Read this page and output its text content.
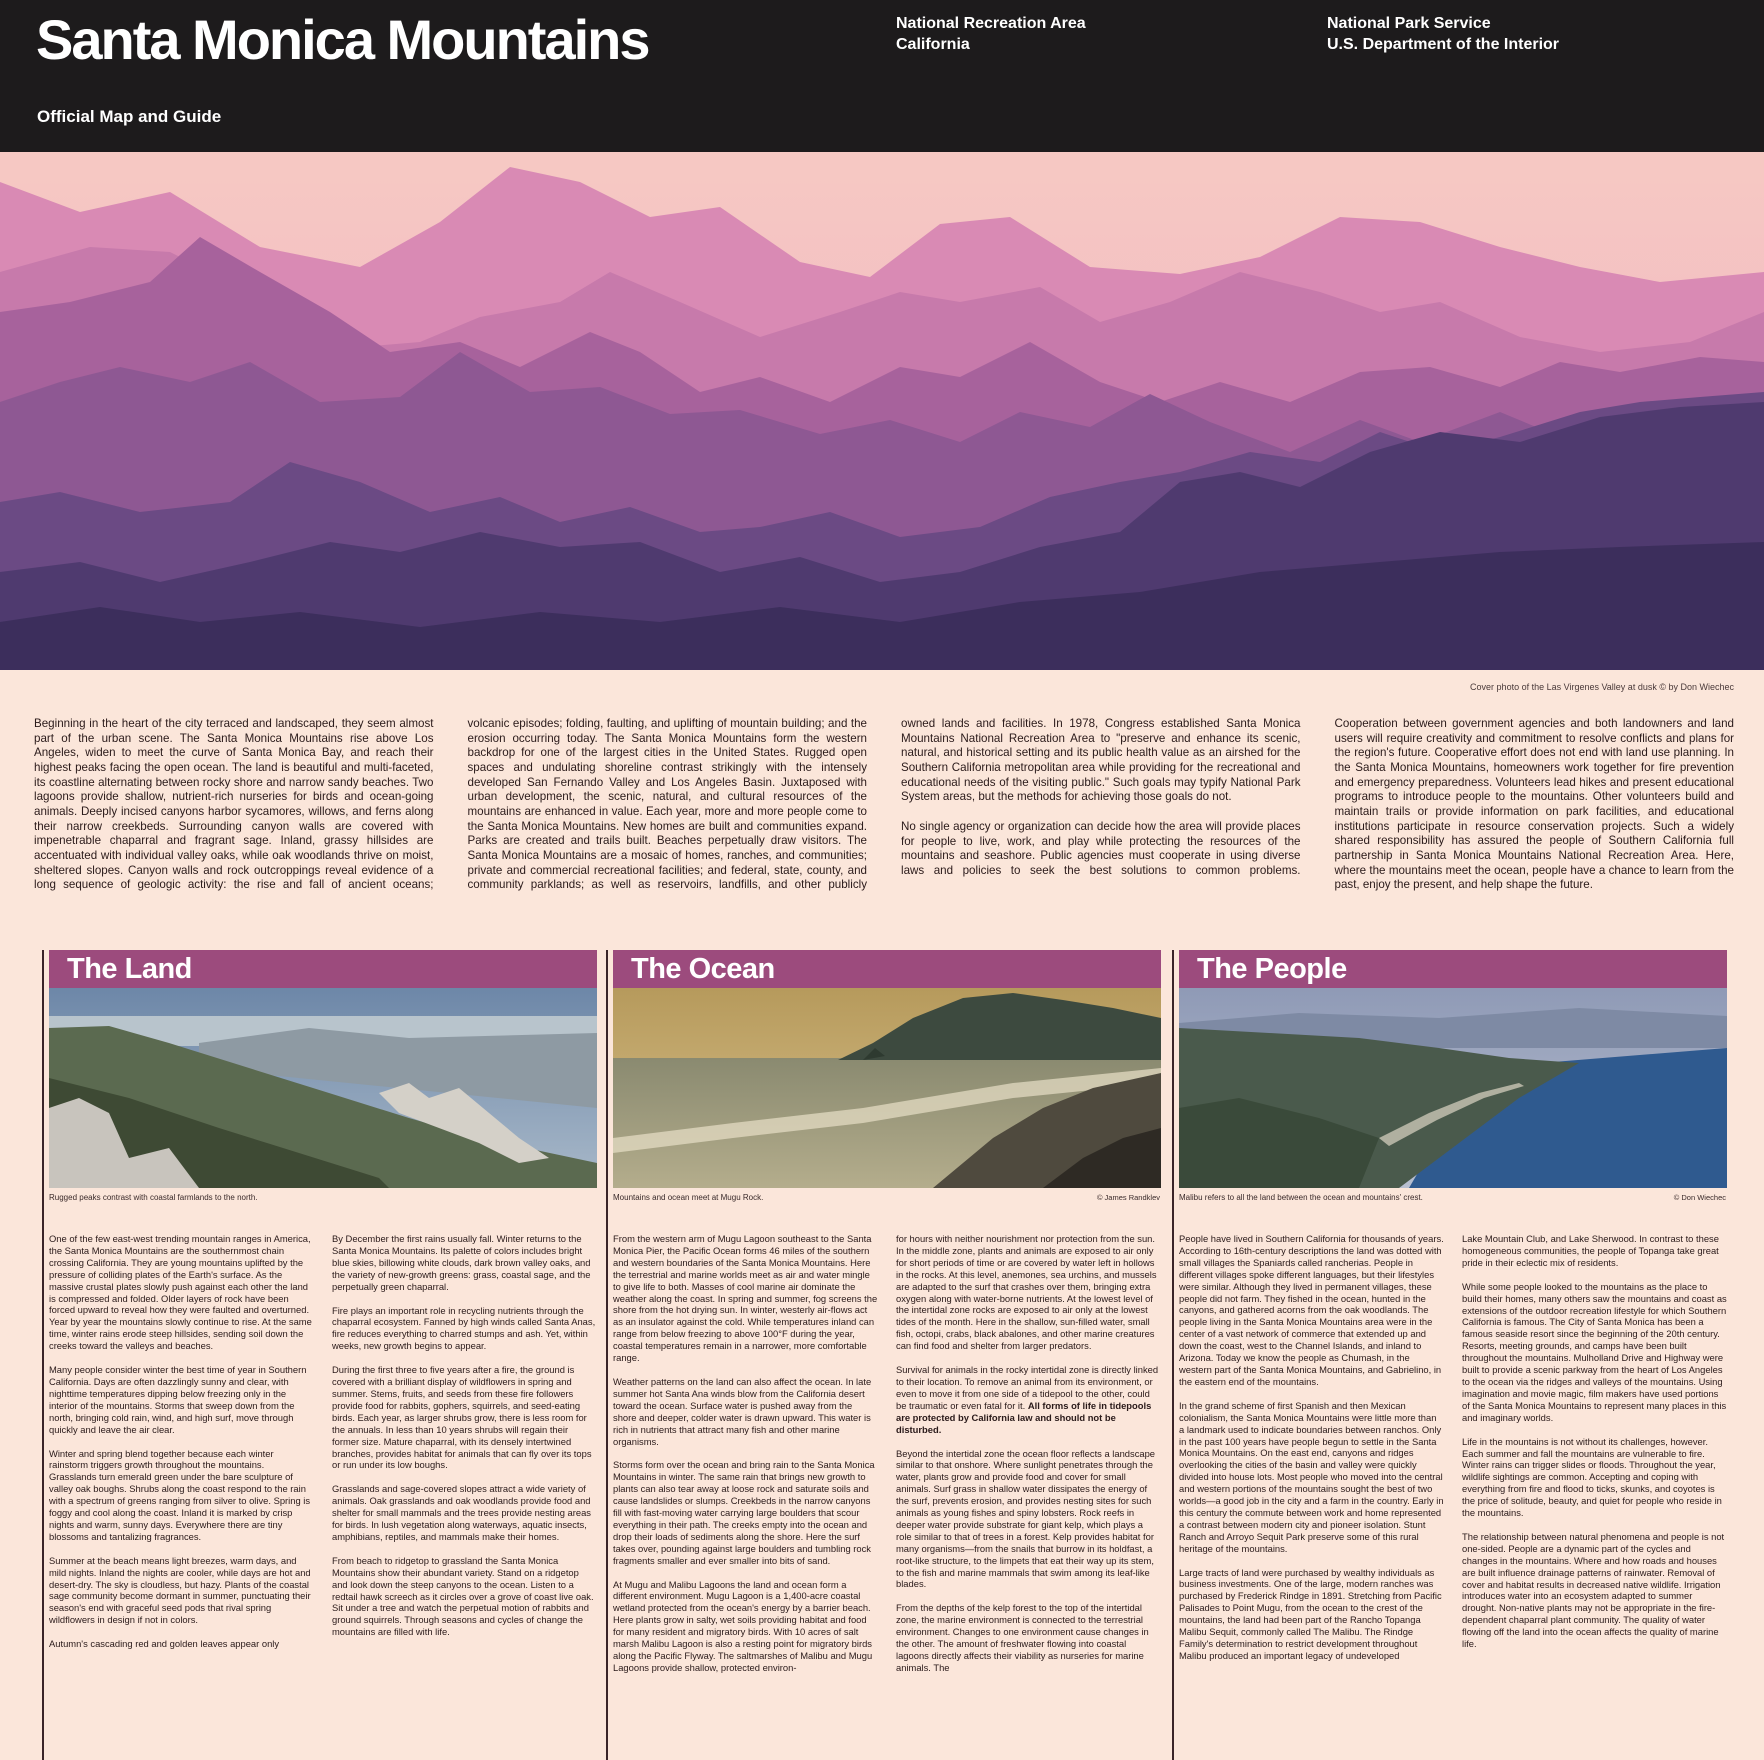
Santa Monica Mountains

Official Map and Guide

National Recreation Area
California
National Park Service
U.S. Department of the Interior
Cover photo of the Las Virgenes Valley at dusk © by Don Wiechec

Beginning in the heart of the city terraced and landscaped, they seem almost part of the urban scene. The Santa Monica Mountains rise above Los Angeles, widen to meet the curve of Santa Monica Bay, and reach their highest peaks facing the open ocean. The land is beautiful and multi-faceted, its coastline alternating between rocky shore and narrow sandy beaches. Two lagoons provide shallow, nutrient-rich nurseries for birds and ocean-going animals. Deeply incised canyons harbor sycamores, willows, and ferns along their narrow creekbeds. Surrounding canyon walls are covered with impenetrable chaparral and fragrant sage. Inland, grassy hillsides are accentuated with individual valley oaks, while oak woodlands thrive on moist, sheltered slopes. Canyon walls and rock outcroppings reveal evidence of a long sequence of geologic activity: the rise and fall of ancient oceans; volcanic episodes; folding, faulting, and uplifting of mountain building; and the erosion occurring today. The Santa Monica Mountains form the western backdrop for one of the largest cities in the United States. Rugged open spaces and undulating shoreline contrast strikingly with the intensely developed San Fernando Valley and Los Angeles Basin. Juxtaposed with urban development, the scenic, natural, and cultural resources of the mountains are enhanced in value. Each year, more and more people come to the Santa Monica Mountains. New homes are built and communities expand. Parks are created and trails built. Beaches perpetually draw visitors. The Santa Monica Mountains are a mosaic of homes, ranches, and communities; private and commercial recreational facilities; and federal, state, county, and community parklands; as well as reservoirs, landfills, and other publicly owned lands and facilities. In 1978, Congress established Santa Monica Mountains National Recreation Area to "preserve and enhance its scenic, natural, and historical setting and its public health value as an airshed for the Southern California metropolitan area while providing for the recreational and educational needs of the visiting public." Such goals may typify National Park System areas, but the methods for achieving those goals do not.

No single agency or organization can decide how the area will provide places for people to live, work, and play while protecting the resources of the mountains and seashore. Public agencies must cooperate in using diverse laws and policies to seek the best solutions to common problems. Cooperation between government agencies and both landowners and land users will require creativity and commitment to resolve conflicts and plans for the region's future. Cooperative effort does not end with land use planning. In the Santa Monica Mountains, homeowners work together for fire prevention and emergency preparedness. Volunteers lead hikes and present educational programs to introduce people to the mountains. Other volunteers build and maintain trails or provide information on park facilities, and educational institutions participate in resource conservation projects. Such a widely shared responsibility has assured the people of Southern California full partnership in Santa Monica Mountains National Recreation Area. Here, where the mountains meet the ocean, people have a chance to learn from the past, enjoy the present, and help shape the future.

The Land
Rugged peaks contrast with coastal farmlands to the north.

One of the few east-west trending mountain ranges in America, the Santa Monica Mountains are the southernmost chain crossing California. They are young mountains uplifted by the pressure of colliding plates of the Earth's surface. As the massive crustal plates slowly push against each other the land is compressed and folded. Older layers of rock have been forced upward to reveal how they were faulted and overturned. Year by year the mountains slowly continue to rise. At the same time, winter rains erode steep hillsides, sending soil down the creeks toward the valleys and beaches.

Many people consider winter the best time of year in Southern California. Days are often dazzlingly sunny and clear, with nighttime temperatures dipping below freezing only in the interior of the mountains. Storms that sweep down from the north, bringing cold rain, wind, and high surf, move through quickly and leave the air clear.

Winter and spring blend together because each winter rainstorm triggers growth throughout the mountains. Grasslands turn emerald green under the bare sculpture of valley oak boughs. Shrubs along the coast respond to the rain with a spectrum of greens ranging from silver to olive. Spring is foggy and cool along the coast. Inland it is marked by crisp nights and warm, sunny days. Everywhere there are tiny blossoms and tantalizing fragrances.

Summer at the beach means light breezes, warm days, and mild nights. Inland the nights are cooler, while days are hot and desert-dry. The sky is cloudless, but hazy. Plants of the coastal sage community become dormant in summer, punctuating their season's end with graceful seed pods that rival spring wildflowers in design if not in colors.

Autumn's cascading red and golden leaves appear only

By December the first rains usually fall. Winter returns to the Santa Monica Mountains. Its palette of colors includes bright blue skies, billowing white clouds, dark brown valley oaks, and the variety of new-growth greens: grass, coastal sage, and the perpetually green chaparral.

Fire plays an important role in recycling nutrients through the chaparral ecosystem. Fanned by high winds called Santa Anas, fire reduces everything to charred stumps and ash. Yet, within weeks, new growth begins to appear.

During the first three to five years after a fire, the ground is covered with a brilliant display of wildflowers in spring and summer. Stems, fruits, and seeds from these fire followers provide food for rabbits, gophers, squirrels, and seed-eating birds. Each year, as larger shrubs grow, there is less room for the annuals. In less than 10 years shrubs will regain their former size. Mature chaparral, with its densely intertwined branches, provides habitat for animals that can fly over its tops or run under its low boughs.

Grasslands and sage-covered slopes attract a wide variety of animals. Oak grasslands and oak woodlands provide food and shelter for small mammals and the trees provide nesting areas for birds. In lush vegetation along waterways, aquatic insects, amphibians, reptiles, and mammals make their homes.

From beach to ridgetop to grassland the Santa Monica Mountains show their abundant variety. Stand on a ridgetop and look down the steep canyons to the ocean. Listen to a redtail hawk screech as it circles over a grove of coast live oak. Sit under a tree and watch the perpetual motion of rabbits and ground squirrels. Through seasons and cycles of change the mountains are filled with life.

The Ocean
Mountains and ocean meet at Mugu Rock.	© James Randklev

From the western arm of Mugu Lagoon southeast to the Santa Monica Pier, the Pacific Ocean forms 46 miles of the southern and western boundaries of the Santa Monica Mountains. Here the terrestrial and marine worlds meet as air and water mingle to give life to both. Masses of cool marine air dominate the weather along the coast. In spring and summer, fog screens the shore from the hot drying sun. In winter, westerly air-flows act as an insulator against the cold. While temperatures inland can range from below freezing to above 100°F during the year, coastal temperatures remain in a narrower, more comfortable range.

Weather patterns on the land can also affect the ocean. In late summer hot Santa Ana winds blow from the California desert toward the ocean. Surface water is pushed away from the shore and deeper, colder water is drawn upward. This water is rich in nutrients that attract many fish and other marine organisms.

Storms form over the ocean and bring rain to the Santa Monica Mountains in winter. The same rain that brings new growth to plants can also tear away at loose rock and saturate soils and cause landslides or slumps. Creekbeds in the narrow canyons fill with fast-moving water carrying large boulders that scour everything in their path. The creeks empty into the ocean and drop their loads of sediments along the shore. Here the surf takes over, pounding against large boulders and tumbling rock fragments smaller and ever smaller into bits of sand.

At Mugu and Malibu Lagoons the land and ocean form a different environment. Mugu Lagoon is a 1,400-acre coastal wetland protected from the ocean's energy by a barrier beach. Here plants grow in salty, wet soils providing habitat and food for many resident and migratory birds. With 10 acres of salt marsh Malibu Lagoon is also a resting point for migratory birds along the Pacific Flyway. The saltmarshes of Malibu and Mugu Lagoons provide shallow, protected environ-

for hours with neither nourishment nor protection from the sun. In the middle zone, plants and animals are exposed to air only for short periods of time or are covered by water left in hollows in the rocks. At this level, anemones, sea urchins, and mussels are adapted to the surf that crashes over them, bringing extra oxygen along with water-borne nutrients. At the lowest level of the intertidal zone rocks are exposed to air only at the lowest tides of the month. Here in the shallow, sun-filled water, small fish, octopi, crabs, black abalones, and other marine creatures can find food and shelter from larger predators.

Survival for animals in the rocky intertidal zone is directly linked to their location. To remove an animal from its environment, or even to move it from one side of a tidepool to the other, could be traumatic or even fatal for it. All forms of life in tidepools are protected by California law and should not be disturbed.

Beyond the intertidal zone the ocean floor reflects a landscape similar to that onshore. Where sunlight penetrates through the water, plants grow and provide food and cover for small animals. Surf grass in shallow water dissipates the energy of the surf, prevents erosion, and provides nesting sites for such animals as young fishes and spiny lobsters. Rock reefs in deeper water provide substrate for giant kelp, which plays a role similar to that of trees in a forest. Kelp provides habitat for many organisms—from the snails that burrow in its holdfast, a root-like structure, to the limpets that eat their way up its stem, to the fish and marine mammals that swim among its leaf-like blades.

From the depths of the kelp forest to the top of the intertidal zone, the marine environment is connected to the terrestrial environment. Changes to one environment cause changes in the other. The amount of freshwater flowing into coastal lagoons directly affects their viability as nurseries for marine animals. The

The People
Malibu refers to all the land between the ocean and mountains' crest.	© Don Wiechec

People have lived in Southern California for thousands of years. According to 16th-century descriptions the land was dotted with small villages the Spaniards called rancherias. People in different villages spoke different languages, but their lifestyles were similar. Although they lived in permanent villages, these people did not farm. They fished in the ocean, hunted in the canyons, and gathered acorns from the oak woodlands. The people living in the Santa Monica Mountains area were in the center of a vast network of commerce that extended up and down the coast, west to the Channel Islands, and inland to Arizona. Today we know the people as Chumash, in the western part of the Santa Monica Mountains, and Gabrielino, in the eastern end of the mountains.

In the grand scheme of first Spanish and then Mexican colonialism, the Santa Monica Mountains were little more than a landmark used to indicate boundaries between ranchos. Only in the past 100 years have people begun to settle in the Santa Monica Mountains. On the east end, canyons and ridges overlooking the cities of the basin and valley were quickly divided into house lots. Most people who moved into the central and western portions of the mountains sought the best of two worlds—a good job in the city and a farm in the country. Early in this century the commute between work and home represented a contrast between modern city and pioneer isolation. Stunt Ranch and Arroyo Sequit Park preserve some of this rural heritage of the mountains.

Large tracts of land were purchased by wealthy individuals as business investments. One of the large, modern ranches was purchased by Frederick Rindge in 1891. Stretching from Pacific Palisades to Point Mugu, from the ocean to the crest of the mountains, the land had been part of the Rancho Topanga Malibu Sequit, commonly called The Malibu. The Rindge Family's determination to restrict development throughout Malibu produced an important legacy of undeveloped

Lake Mountain Club, and Lake Sherwood. In contrast to these homogeneous communities, the people of Topanga take great pride in their eclectic mix of residents.

While some people looked to the mountains as the place to build their homes, many others saw the mountains and coast as extensions of the outdoor recreation lifestyle for which Southern California is famous. The City of Santa Monica has been a famous seaside resort since the beginning of the 20th century. Resorts, meeting grounds, and camps have been built throughout the mountains. Mulholland Drive and Highway were built to provide a scenic parkway from the heart of Los Angeles to the ocean via the ridges and valleys of the mountains. Using imagination and movie magic, film makers have used portions of the Santa Monica Mountains to represent many places in this and imaginary worlds.

Life in the mountains is not without its challenges, however. Each summer and fall the mountains are vulnerable to fire. Winter rains can trigger slides or floods. Throughout the year, wildlife sightings are common. Accepting and coping with everything from fire and flood to ticks, skunks, and coyotes is the price of solitude, beauty, and quiet for people who reside in the mountains.

The relationship between natural phenomena and people is not one-sided. People are a dynamic part of the cycles and changes in the mountains. Where and how roads and houses are built influence drainage patterns of rainwater. Removal of cover and habitat results in decreased native wildlife. Irrigation introduces water into an ecosystem adapted to summer drought. Non-native plants may not be appropriate in the fire-dependent chaparral plant community. The quality of water flowing off the land into the ocean affects the quality of marine life.
